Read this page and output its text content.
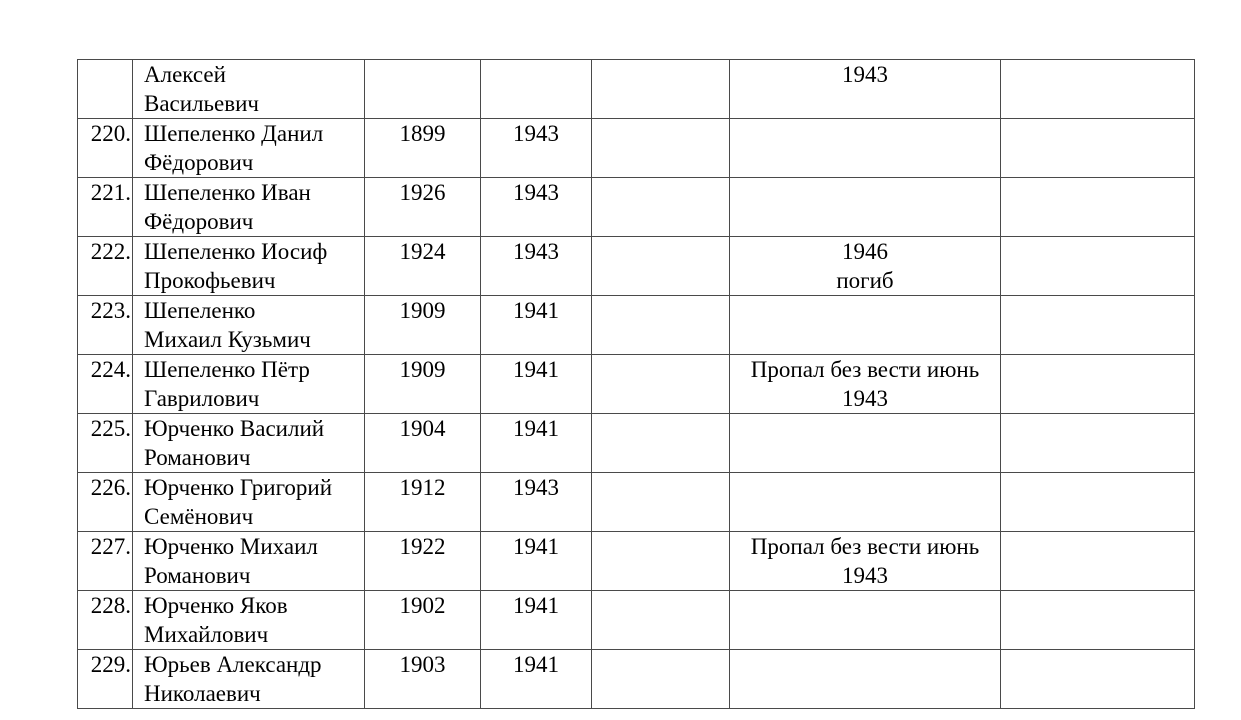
	Алексей
Васильевич				1943	
220.	Шепеленко Данил
Фёдорович	1899	1943			
221.	Шепеленко Иван
Фёдорович	1926	1943			
222.	Шепеленко Иосиф
Прокофьевич	1924	1943		1946
погиб	
223.	Шепеленко
Михаил Кузьмич	1909	1941			
224.	Шепеленко Пётр
Гаврилович	1909	1941		Пропал без вести июнь
1943	
225.	Юрченко Василий
Романович	1904	1941			
226.	Юрченко Григорий
Семёнович	1912	1943			
227.	Юрченко Михаил
Романович	1922	1941		Пропал без вести июнь
1943	
228.	Юрченко Яков
Михайлович	1902	1941			
229.	Юрьев Александр
Николаевич	1903	1941			
